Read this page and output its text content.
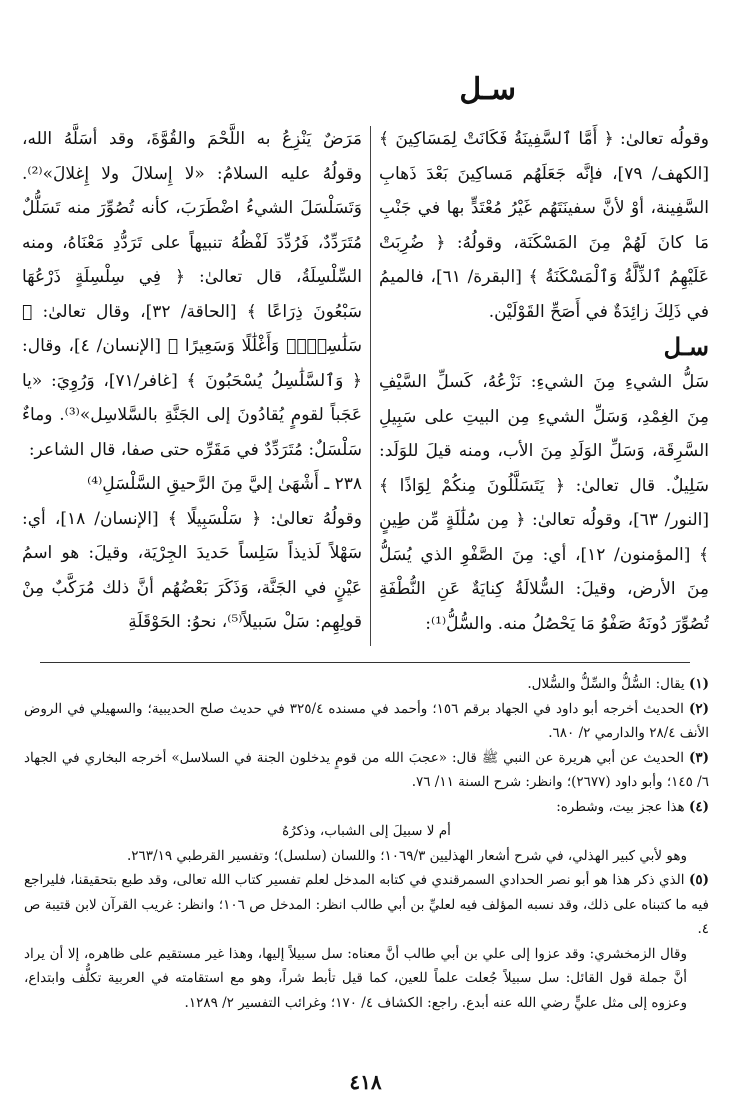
سـل

وقولُه تعالىٰ: ﴿ أَمَّا ٱلسَّفِينَةُ فَكَانَتْ لِمَسَاكِينَ ﴾ [الكهف/ ٧٩]، فإنَّه جَعَلَهُم مَساكِينَ بَعْدَ ذَهابِ السَّفِينة، أوْ لأنَّ سفينَتَهُم غَيْرُ مُعْتَدٍّ بها في جَنْبِ مَا كانَ لَهُمْ مِنَ المَسْكَنَة، وقولُهُ: ﴿ ضُرِبَتْ عَلَيْهِمُ ٱلذِّلَّةُ وَٱلْمَسْكَنَةُ ﴾ [البقرة/ ٦١]، فالميمُ في ذَلِكَ زائِدَةٌ في أَصَحِّ القَوْلَيْن.

سـل

سَلُّ الشيءِ مِنَ الشيءِ: نَزْعُهُ، كَسلِّ السَّيْفِ مِنَ الغِمْدِ، وَسَلِّ الشيءِ مِن البيتِ على سَبِيلِ السَّرِقَة، وَسَلِّ الوَلَدِ مِنَ الأب، ومنه قيلَ للوَلَد: سَلِيلٌ. قال تعالىٰ: ﴿ يَتَسَلَّلُونَ مِنكُمْ لِوَاذًا ﴾ [النور/ ٦٣]، وقولُه تعالىٰ: ﴿ مِن سُلَٰلَةٍ مِّن طِينٍ ﴾ [المؤمنون/ ١٢]، أي: مِنَ الصَّفْوِ الذي يُسَلُّ مِنَ الأرض، وقيلَ: السُّلالَةُ كِنايَةٌ عَنِ النُّطْفَةِ تُصُوِّرَ دُونَهُ صَفْوُ مَا يَحْصُلُ منه. والسُّلُّ⁽¹⁾:

مَرَضٌ يَنْزِعُ به اللَّحْمَ والقُوَّةَ، وقد أسَلَّهُ الله، وقولُهُ عليه السلامُ: «لا إِسلالَ ولا إِغلالَ»⁽²⁾. وَتَسَلْسَلَ الشيءُ اضْطَرَبَ، كأنه تُصُوِّرَ منه تَسَلُّلٌ مُتَرَدِّدٌ، فَرُدِّدَ لَفْظُهُ تنبيهاً على تَرَدُّدِ مَعْنَاهُ، ومنه السِّلْسِلَةُ، قال تعالىٰ: ﴿ فِي سِلْسِلَةٍ ذَرْعُهَا سَبْعُونَ ذِرَاعًا ﴾ [الحاقة/ ٣٢]، وقال تعالىٰ: ﴿ سَلَٰسِلَا۟ وَأَغْلَٰلًا وَسَعِيرًا ﴾ [الإنسان/ ٤]، وقال: ﴿ وَٱلسَّلَٰسِلُ يُسْحَبُونَ ﴾ [غافر/٧١]، وَرُوِيَ: «يا عَجَباً لقومٍ يُقادُونَ إلى الجَنَّةِ بالسَّلاسِل»⁽³⁾. وماءٌ سَلْسَلٌ: مُتَرَدِّدٌ في مَقَرِّه حتى صفا، قال الشاعر:

٢٣٨ ـ أَشْهَىٰ إليَّ مِنَ الرَّحيقِ السَّلْسَلِ⁽⁴⁾

وقولُهُ تعالىٰ: ﴿ سَلْسَبِيلًا ﴾ [الإنسان/ ١٨]، أي: سَهْلاً لَذيذاً سَلِساً حَديدَ الجِرْيَة، وقيلَ: هو اسمُ عَيْنٍ في الجَنَّة، وَذَكَرَ بَعْضُهُم أنَّ ذلك مُرَكَّبٌ مِنْ قولِهِم: سَلْ سَبيلاً⁽⁵⁾، نحوُ: الحَوْقَلَةِ

(١) يقال: السُّلُّ والسِّلُّ والسُّلال.

(٢) الحديث أخرجه أبو داود في الجهاد برقم ١٥٦؛ وأحمد في مسنده ٣٢٥/٤ في حديث صلح الحديبية؛ والسهيلي في الروض الأنف ٢٨/٤ والدارمي ٢/ ٦٨٠.

(٣) الحديث عن أبي هريرة عن النبي ﷺ قال: «عجبَ الله من قومٍ يدخلون الجنة في السلاسل» أخرجه البخاري في الجهاد ٦/ ١٤٥؛ وأبو داود (٢٦٧٧)؛ وانظر: شرح السنة ١١/ ٧٦.

(٤) هذا عجز بيت، وشطره:

أم لا سبيلَ إلى الشباب، وذكرُهُ

وهو لأبي كبير الهذلي، في شرح أشعار الهذليين ١٠٦٩/٣؛ واللسان (سلسل)؛ وتفسير القرطبي ٢٦٣/١٩.

(٥) الذي ذكر هذا هو أبو نصر الحدادي السمرقندي في كتابه المدخل لعلم تفسير كتاب الله تعالى، وقد طبع بتحقيقنا، فليراجع فيه ما كتبناه على ذلك، وقد نسبه المؤلف فيه لعليِّ بن أبي طالب انظر: المدخل ص ١٠٦؛ وانظر: غريب القرآن لابن قتيبة ص ٤.

وقال الزمخشري: وقد عزوا إلى علي بن أبي طالب أنَّ معناه: سل سبيلاً إليها، وهذا غير مستقيم على ظاهره، إلا أن يراد أنَّ جملة قول القائل: سل سبيلاً جُعلت علماً للعين، كما قيل تأبط شراً، وهو مع استقامته في العربية تكلُّف وابتداع، وعزوه إلى مثل عليٍّ رضي الله عنه أبدع. راجع: الكشاف ٤/ ١٧٠؛ وغرائب التفسير ٢/ ١٢٨٩.

٤١٨
